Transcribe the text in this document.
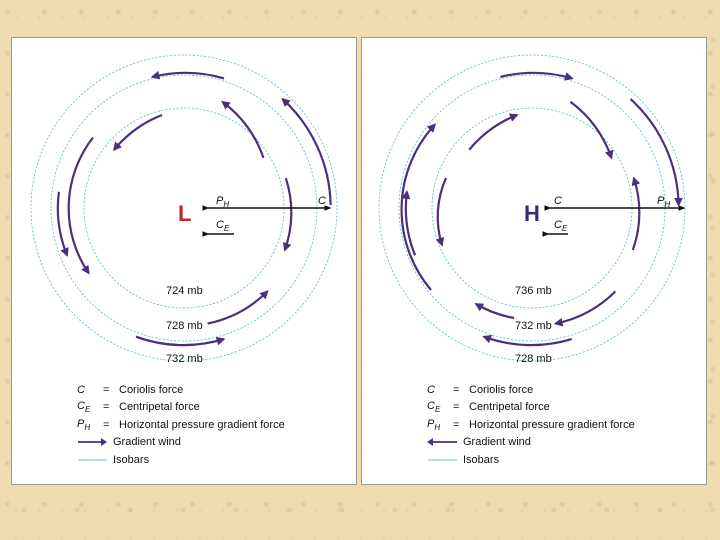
L $P_H$	C
$C_E$
724 mb
728 mb
732 mb
C	= Coriolis force
$C_E$	= Centripetal force
$P_H$	= Horizontal pressure gradient force
Gradient wind
Isobars
H C	$P_H$
$C_E$
736 mb
732 mb
728 mb
C	= Coriolis force
$C_E$	= Centripetal force
$P_H$	= Horizontal pressure gradient force
Gradient wind
Isobars
